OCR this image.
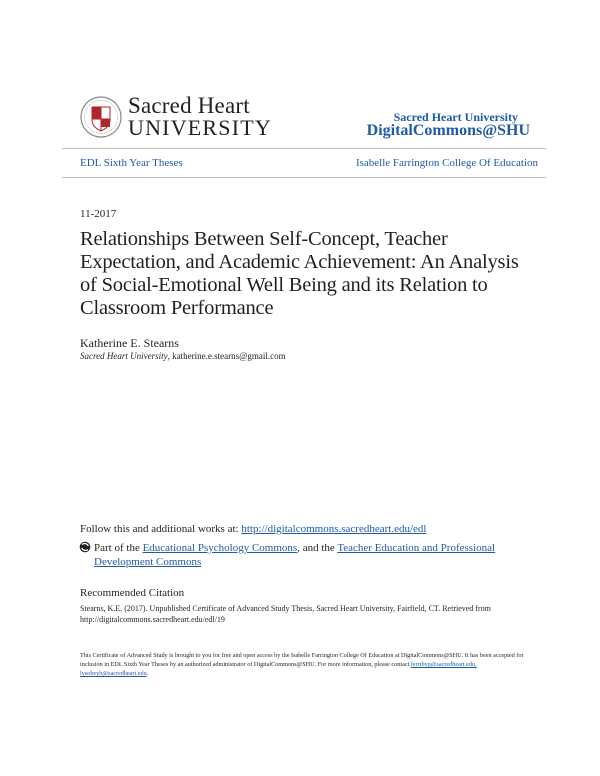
Sacred Heart
UNIVERSITY	Sacred Heart University
DigitalCommons@SHU
EDL Sixth Year Theses	Isabelle Farrington College Of Education
11-2017
Relationships Between Self-Concept, Teacher Expectation, and Academic Achievement: An Analysis of Social-Emotional Well Being and its Relation to Classroom Performance
Katherine E. Stearns
Sacred Heart University, katherine.e.stearns@gmail.com
Follow this and additional works at: http://digitalcommons.sacredheart.edu/edl
Part of the Educational Psychology Commons, and the Teacher Education and Professional Development Commons
Recommended Citation
Stearns, K.E. (2017). Unpublished Certificate of Advanced Study Thesis, Sacred Heart University, Fairfield, CT. Retrieved from http://digitalcommons.sacredheart.edu/edl/19
This Certificate of Advanced Study is brought to you for free and open access by the Isabelle Farrington College Of Education at DigitalCommons@SHU. It has been accepted for inclusion in EDL Sixth Year Theses by an authorized administrator of DigitalCommons@SHU. For more information, please contact ferribyp@sacredheart.edu, lysobeyb@sacredheart.edu.
